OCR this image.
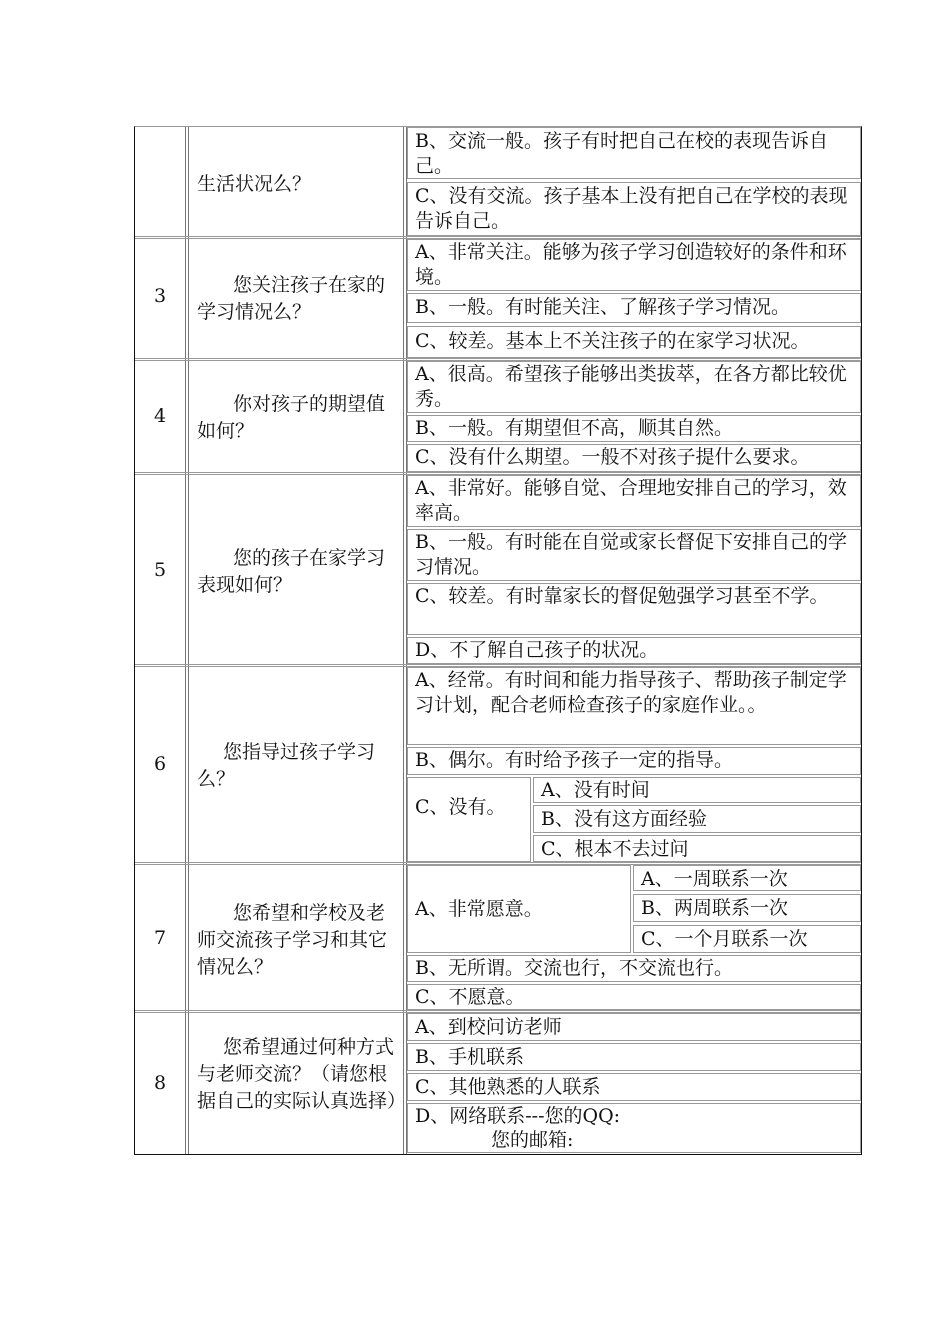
生活状况么？
B、交流一般。孩子有时把自己在校的表现告诉自己。
C、没有交流。孩子基本上没有把自己在学校的表现告诉自己。
3	您关注孩子在家的学习情况么？
A、非常关注。能够为孩子学习创造较好的条件和环境。
B、一般。有时能关注、了解孩子学习情况。
C、较差。基本上不关注孩子的在家学习状况。
4
你对孩子的期望值如何？
A、很高。希望孩子能够出类拔萃，在各方都比较优秀。
B、一般。有期望但不高，顺其自然。
C、没有什么期望。一般不对孩子提什么要求。
5
您的孩子在家学习表现如何？
A、非常好。能够自觉、合理地安排自己的学习，效率高。
B、一般。有时能在自觉或家长督促下安排自己的学习情况。
C、较差。有时靠家长的督促勉强学习甚至不学。
D、不了解自己孩子的状况。
6
您指导过孩子学习么？
A、经常。有时间和能力指导孩子、帮助孩子制定学习计划，配合老师检查孩子的家庭作业。。
B、偶尔。有时给予孩子一定的指导。
C、没有。
A、没有时间
B、没有这方面经验
C、根本不去过问
7
您希望和学校及老师交流孩子学习和其它情况么？
A、非常愿意。
A、一周联系一次
B、两周联系一次
C、一个月联系一次
B、无所谓。交流也行，不交流也行。
C、不愿意。
8
您希望通过何种方式与老师交流？（请您根据自己的实际认真选择）
A、到校问访老师
B、手机联系
C、其他熟悉的人联系
D、网络联系---您的QQ:
您的邮箱:
